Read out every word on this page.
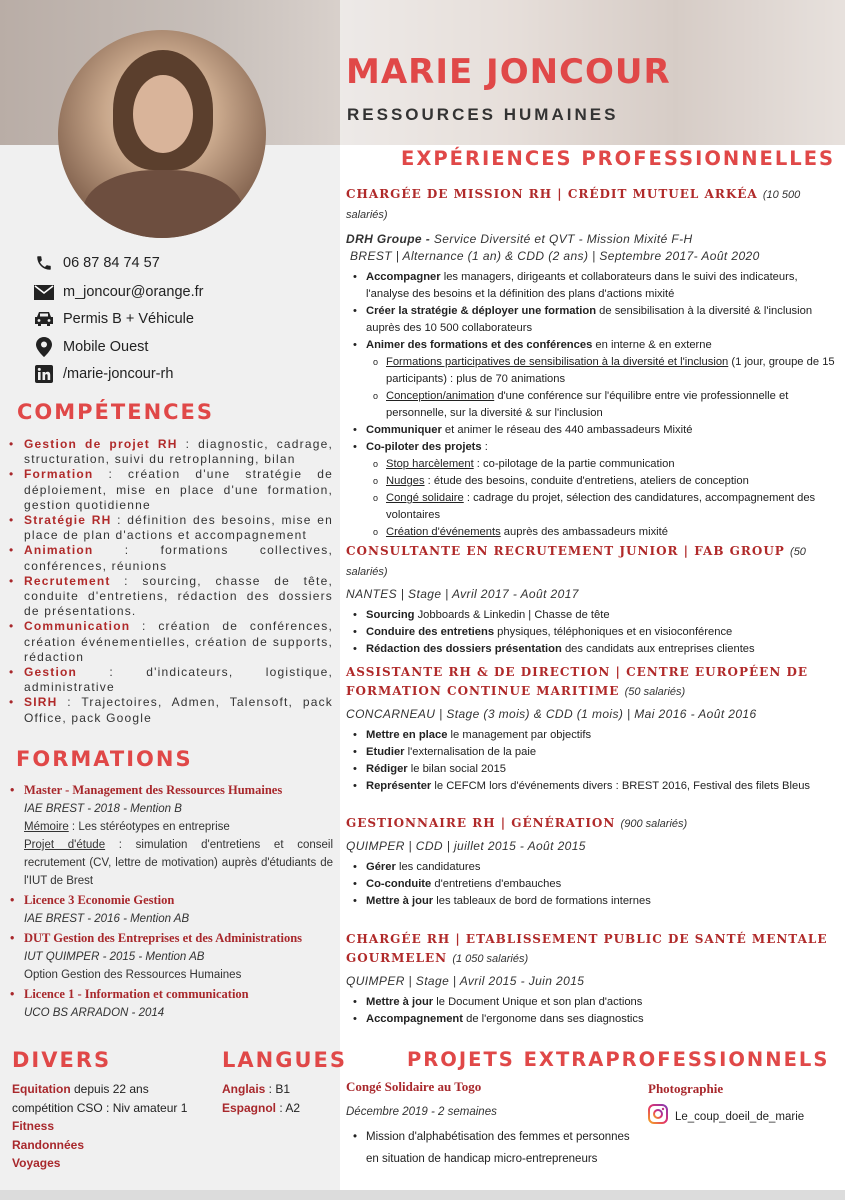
MARIE JONCOUR
RESSOURCES HUMAINES
06 87 84 74 57
m_joncour@orange.fr
Permis B + Véhicule
Mobile Ouest
/marie-joncour-rh
COMPÉTENCES
• Gestion de projet RH : diagnostic, cadrage, structuration, suivi du retroplanning, bilan
• Formation : création d'une stratégie de déploiement, mise en place d'une formation, gestion quotidienne
• Stratégie RH : définition des besoins, mise en place de plan d'actions et accompagnement
• Animation : formations collectives, conférences, réunions
• Recrutement : sourcing, chasse de tête, conduite d'entretiens, rédaction des dossiers de présentations.
• Communication : création de conférences, création événementielles, création de supports, rédaction
• Gestion : d'indicateurs, logistique, administrative
• SIRH : Trajectoires, Admen, Talensoft, pack Office, pack Google
FORMATIONS
• Master - Management des Ressources Humaines
IAE BREST - 2018 - Mention B
Mémoire : Les stéréotypes en entreprise
Projet d'étude : simulation d'entretiens et conseil recrutement (CV, lettre de motivation) auprès d'étudiants de l'IUT de Brest
• Licence 3 Economie Gestion
IAE BREST - 2016 - Mention AB
• DUT Gestion des Entreprises et des Administrations
IUT QUIMPER - 2015 - Mention AB
Option Gestion des Ressources Humaines
• Licence 1 - Information et communication
UCO BS ARRADON - 2014
DIVERS	LANGUES
Equitation depuis 22 ans
compétition CSO : Niv amateur 1
Fitness
Randonnées
Voyages
Anglais : B1
Espagnol : A2
EXPÉRIENCES PROFESSIONNELLES
CHARGÉE DE MISSION RH | CRÉDIT MUTUEL ARKÉA (10 500 salariés)
DRH Groupe - Service Diversité et QVT - Mission Mixité F-H
BREST | Alternance (1 an) & CDD (2 ans) | Septembre 2017- Août 2020
• Accompagner les managers, dirigeants et collaborateurs dans le suivi des indicateurs, l'analyse des besoins et la définition des plans d'actions mixité
• Créer la stratégie & déployer une formation de sensibilisation à la diversité & l'inclusion auprès des 10 500 collaborateurs
• Animer des formations et des conférences en interne & en externe
o Formations participatives de sensibilisation à la diversité et l'inclusion (1 jour, groupe de 15 participants) : plus de 70 animations
o Conception/animation d'une conférence sur l'équilibre entre vie professionnelle et personnelle, sur la diversité & sur l'inclusion
• Communiquer et animer le réseau des 440 ambassadeurs Mixité
• Co-piloter des projets :
o Stop harcèlement : co-pilotage de la partie communication
o Nudges : étude des besoins, conduite d'entretiens, ateliers de conception
o Congé solidaire : cadrage du projet, sélection des candidatures, accompagnement des volontaires
o Création d'événements auprès des ambassadeurs mixité
CONSULTANTE EN RECRUTEMENT JUNIOR | FAB GROUP (50 salariés)
NANTES | Stage | Avril 2017 - Août 2017
• Sourcing Jobboards & Linkedin | Chasse de tête
• Conduire des entretiens physiques, téléphoniques et en visioconférence
• Rédaction des dossiers présentation des candidats aux entreprises clientes
ASSISTANTE RH & DE DIRECTION | CENTRE EUROPÉEN DE FORMATION CONTINUE MARITIME (50 salariés)
CONCARNEAU | Stage (3 mois) & CDD (1 mois) | Mai 2016 - Août 2016
• Mettre en place le management par objectifs
• Etudier l'externalisation de la paie
• Rédiger le bilan social 2015
• Représenter le CEFCM lors d'événements divers : BREST 2016, Festival des filets Bleus
GESTIONNAIRE RH | GÉNÉRATION (900 salariés)
QUIMPER | CDD | juillet 2015 - Août 2015
• Gérer les candidatures
• Co-conduite d'entretiens d'embauches
• Mettre à jour les tableaux de bord de formations internes
CHARGÉE RH | ETABLISSEMENT PUBLIC DE SANTÉ MENTALE GOURMELEN (1 050 salariés)
QUIMPER | Stage | Avril 2015 - Juin 2015
• Mettre à jour le Document Unique et son plan d'actions
• Accompagnement de l'ergonome dans ses diagnostics
PROJETS EXTRAPROFESSIONNELS
Congé Solidaire au Togo
Décembre 2019 - 2 semaines
• Mission d'alphabétisation des femmes et personnes en situation de handicap micro-entrepreneurs
Photographie
Le_coup_doeil_de_marie
